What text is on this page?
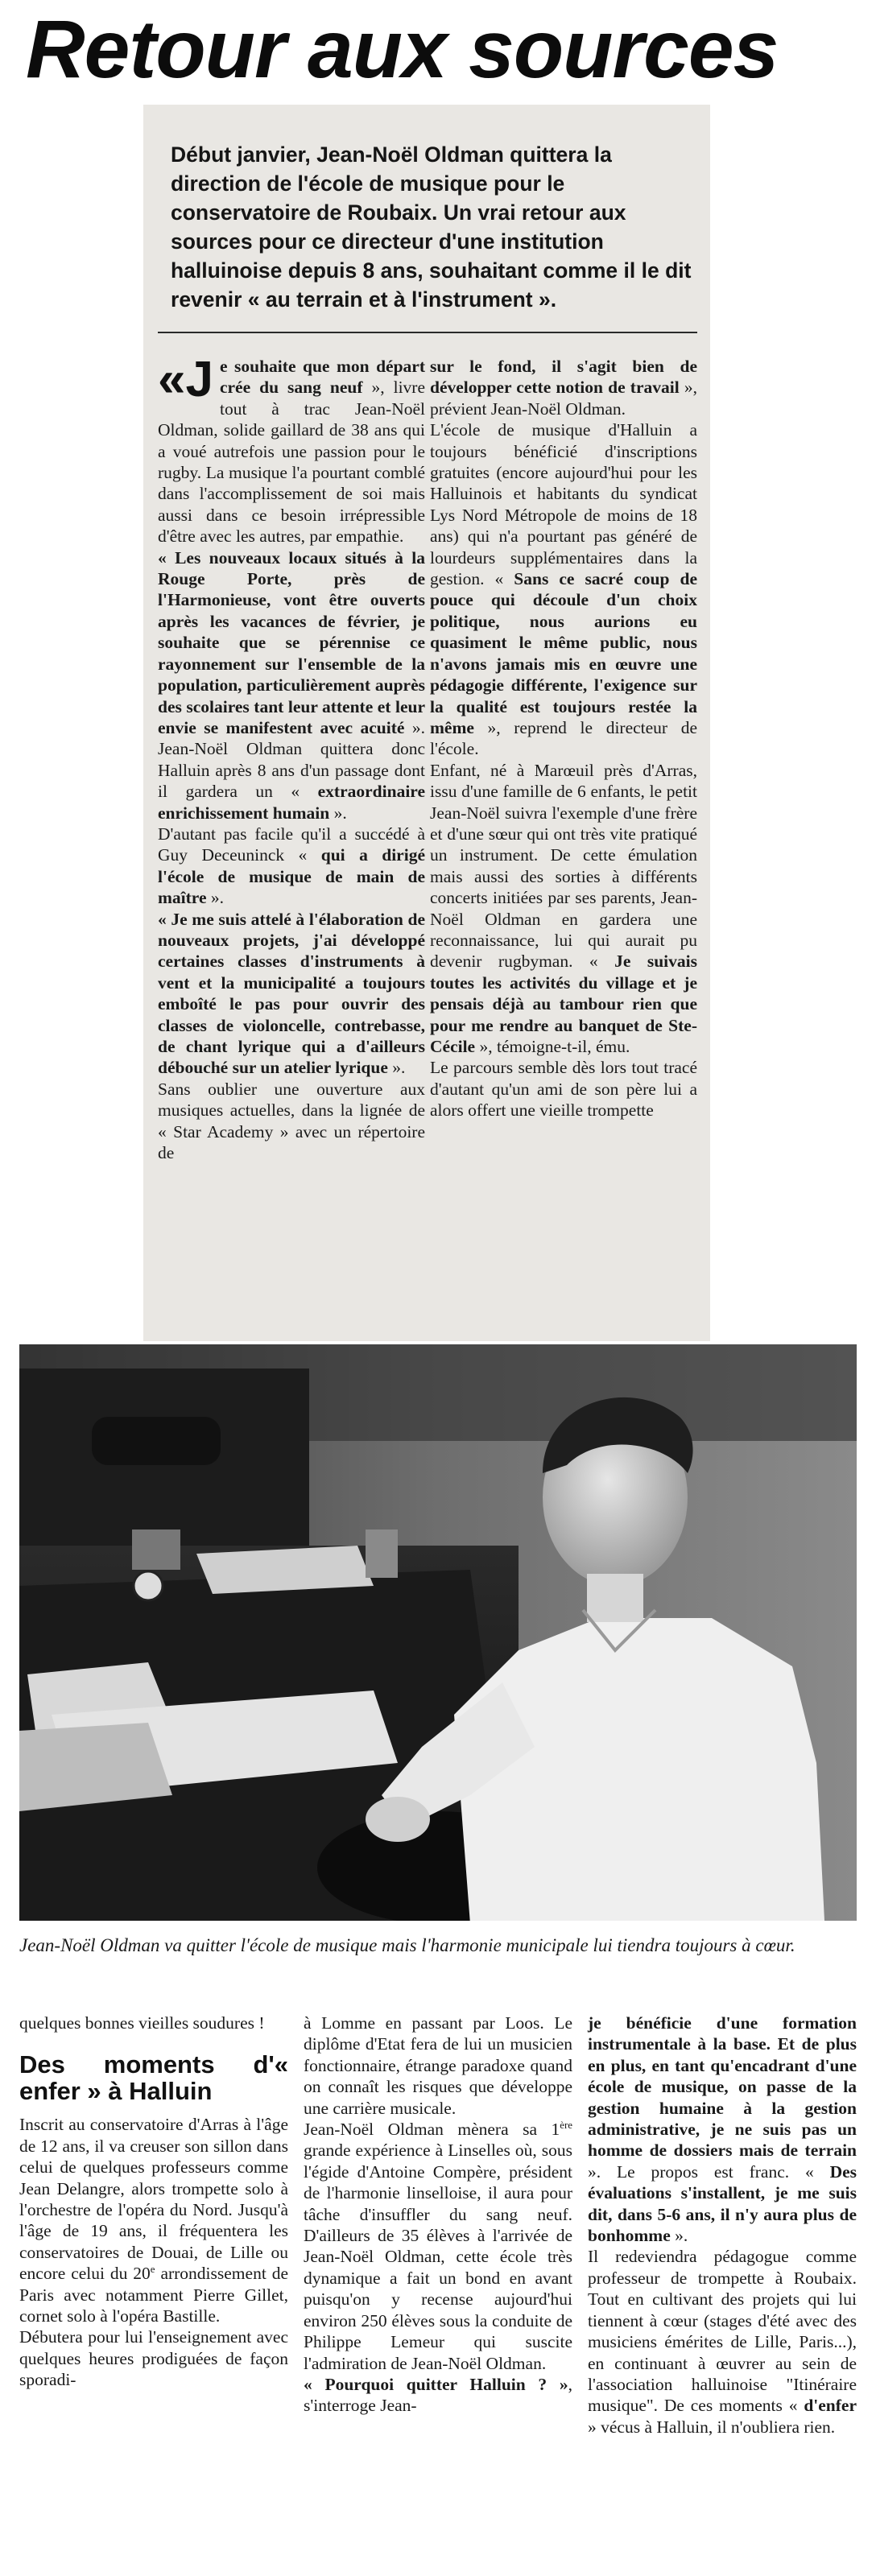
Retour aux sources
Début janvier, Jean-Noël Oldman quittera la direction de l'école de musique pour le conservatoire de Roubaix. Un vrai retour aux sources pour ce directeur d'une institution halluinoise depuis 8 ans, souhaitant comme il le dit revenir « au terrain et à l'instrument ».
«Je souhaite que mon départ crée du sang neuf », livre tout à trac Jean-Noël Oldman, solide gaillard de 38 ans qui a voué autrefois une passion pour le rugby. La musique l'a pourtant comblé dans l'accomplissement de soi mais aussi dans ce besoin irrépressible d'être avec les autres, par empathie.
« Les nouveaux locaux situés à la Rouge Porte, près de l'Harmonieuse, vont être ouverts après les vacances de février, je souhaite que se pérennise ce rayonnement sur l'ensemble de la population, particulièrement auprès des scolaires tant leur attente et leur envie se manifestent avec acuité ». Jean-Noël Oldman quittera donc Halluin après 8 ans d'un passage dont il gardera un « extraordinaire enrichissement humain ».
D'autant pas facile qu'il a succédé à Guy Deceuninck « qui a dirigé l'école de musique de main de maître ».
« Je me suis attelé à l'élaboration de nouveaux projets, j'ai développé certaines classes d'instruments à vent et la municipalité a toujours emboîté le pas pour ouvrir des classes de violoncelle, contrebasse, de chant lyrique qui a d'ailleurs débouché sur un atelier lyrique ».
Sans oublier une ouverture aux musiques actuelles, dans la lignée de « Star Academy » avec un répertoire de
sur le fond, il s'agit bien de développer cette notion de travail », prévient Jean-Noël Oldman.
L'école de musique d'Halluin a toujours bénéficié d'inscriptions gratuites (encore aujourd'hui pour les Halluinois et habitants du syndicat Lys Nord Métropole de moins de 18 ans) qui n'a pourtant pas généré de lourdeurs supplémentaires dans la gestion. « Sans ce sacré coup de pouce qui découle d'un choix politique, nous aurions eu quasiment le même public, nous n'avons jamais mis en œuvre une pédagogie différente, l'exigence sur la qualité est toujours restée la même », reprend le directeur de l'école.
Enfant, né à Marœuil près d'Arras, issu d'une famille de 6 enfants, le petit Jean-Noël suivra l'exemple d'une frère et d'une sœur qui ont très vite pratiqué un instrument. De cette émulation mais aussi des sorties à différents concerts initiées par ses parents, Jean-Noël Oldman en gardera une reconnaissance, lui qui aurait pu devenir rugbyman. « Je suivais toutes les activités du village et je pensais déjà au tambour rien que pour me rendre au banquet de Ste-Cécile », témoigne-t-il, ému.
Le parcours semble dès lors tout tracé d'autant qu'un ami de son père lui a alors offert une vieille trompette
Jean-Noël Oldman va quitter l'école de musique mais l'harmonie municipale lui tiendra toujours à cœur.
quelques bonnes vieilles soudures !
Des moments d'« enfer » à Halluin
Inscrit au conservatoire d'Arras à l'âge de 12 ans, il va creuser son sillon dans celui de quelques professeurs comme Jean Delangre, alors trompette solo à l'orchestre de l'opéra du Nord. Jusqu'à l'âge de 19 ans, il fréquentera les conservatoires de Douai, de Lille ou encore celui du 20e arrondissement de Paris avec notamment Pierre Gillet, cornet solo à l'opéra Bastille.
Débutera pour lui l'enseignement avec quelques heures prodiguées de façon sporadi-
à Lomme en passant par Loos. Le diplôme d'Etat fera de lui un musicien fonctionnaire, étrange paradoxe quand on connaît les risques que développe une carrière musicale.
Jean-Noël Oldman mènera sa 1ère grande expérience à Linselles où, sous l'égide d'Antoine Compère, président de l'harmonie linselloise, il aura pour tâche d'insuffler du sang neuf. D'ailleurs de 35 élèves à l'arrivée de Jean-Noël Oldman, cette école très dynamique a fait un bond en avant puisqu'on y recense aujourd'hui environ 250 élèves sous la conduite de Philippe Lemeur qui suscite l'admiration de Jean-Noël Oldman.
« Pourquoi quitter Halluin ? », s'interroge Jean-
je bénéficie d'une formation instrumentale à la base. Et de plus en plus, en tant qu'encadrant d'une école de musique, on passe de la gestion humaine à la gestion administrative, je ne suis pas un homme de dossiers mais de terrain ». Le propos est franc. « Des évaluations s'installent, je me suis dit, dans 5-6 ans, il n'y aura plus de bonhomme ».
Il redeviendra pédagogue comme professeur de trompette à Roubaix. Tout en cultivant des projets qui lui tiennent à cœur (stages d'été avec des musiciens émérites de Lille, Paris...), en continuant à œuvrer au sein de l'association halluinoise "Itinéraire musique". De ces moments « d'enfer » vécus à Halluin, il n'oubliera rien.
